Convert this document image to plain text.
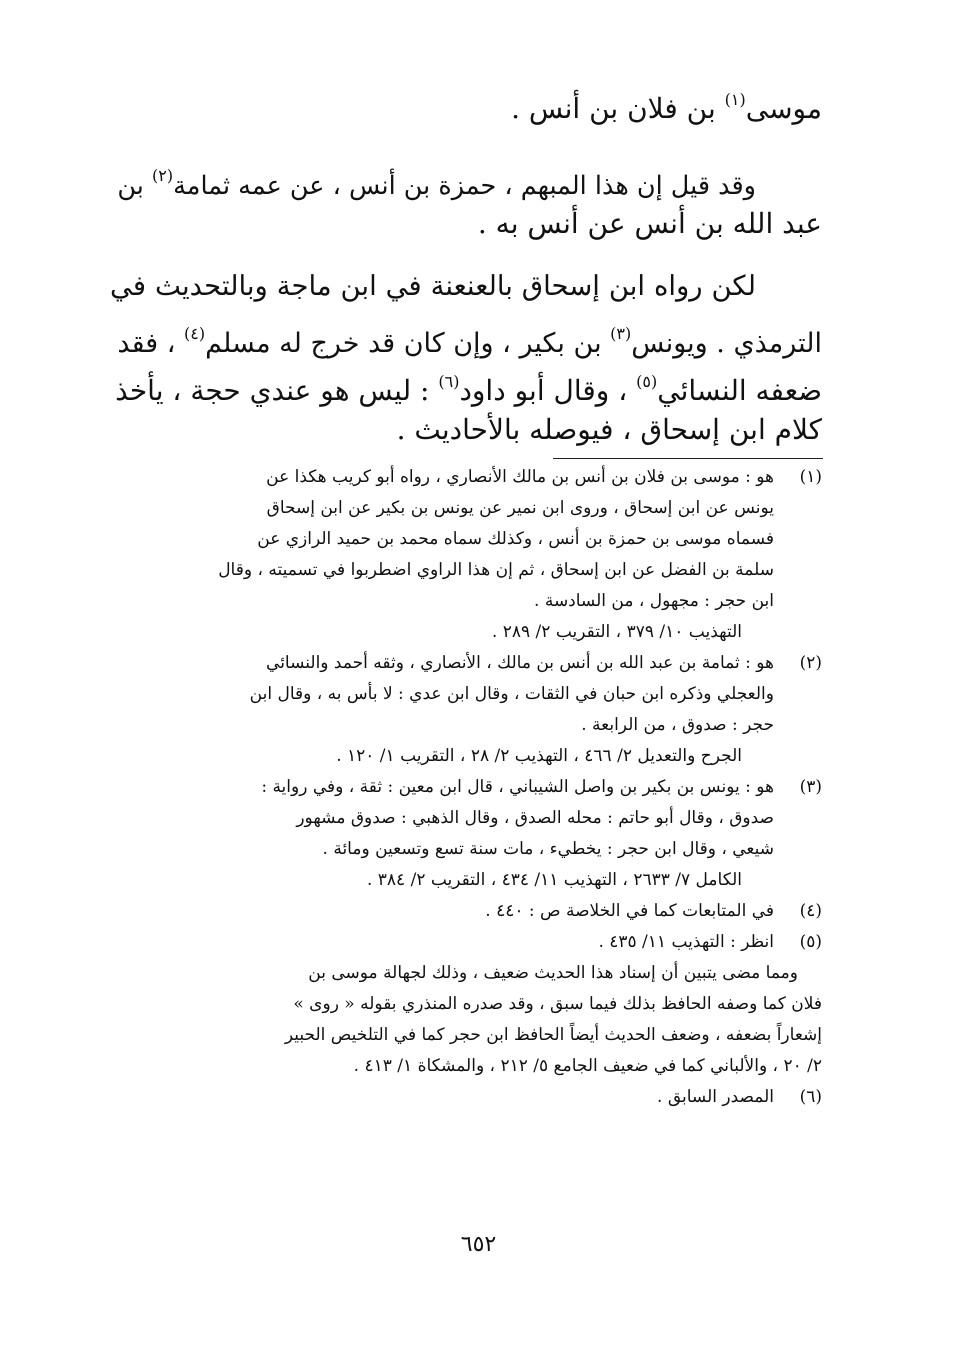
موسى$^{(١)}$ بن فلان بن أنس .
وقد قيل إن هذا المبهم ، حمزة بن أنس ، عن عمه ثمامة$^{(٢)}$ بن
عبد الله بن أنس عن أنس به .
لكن رواه ابن إسحاق بالعنعنة في ابن ماجة وبالتحديث في
الترمذي . ويونس$^{(٣)}$ بن بكير ، وإن كان قد خرج له مسلم$^{(٤)}$ ، فقد
ضعفه النسائي$^{(٥)}$ ، وقال أبو داود$^{(٦)}$ : ليس هو عندي حجة ، يأخذ
كلام ابن إسحاق ، فيوصله بالأحاديث .
(١)هو : موسى بن فلان بن أنس بن مالك الأنصاري ، رواه أبو كريب هكذا عن
يونس عن ابن إسحاق ، وروى ابن نمير عن يونس بن بكير عن ابن إسحاق
فسماه موسى بن حمزة بن أنس ، وكذلك سماه محمد بن حميد الرازي عن
سلمة بن الفضل عن ابن إسحاق ، ثم إن هذا الراوي اضطربوا في تسميته ، وقال
ابن حجر : مجهول ، من السادسة .
التهذيب ١٠/ ٣٧٩ ، التقريب ٢/ ٢٨٩ .
(٢)هو : ثمامة بن عبد الله بن أنس بن مالك ، الأنصاري ، وثقه أحمد والنسائي
والعجلي وذكره ابن حبان في الثقات ، وقال ابن عدي : لا بأس به ، وقال ابن
حجر : صدوق ، من الرابعة .
الجرح والتعديل ٢/ ٤٦٦ ، التهذيب ٢/ ٢٨ ، التقريب ١/ ١٢٠ .
(٣)هو : يونس بن بكير بن واصل الشيباني ، قال ابن معين : ثقة ، وفي رواية :
صدوق ، وقال أبو حاتم : محله الصدق ، وقال الذهبي : صدوق مشهور
شيعي ، وقال ابن حجر : يخطيء ، مات سنة تسع وتسعين ومائة .
الكامل ٧/ ٢٦٣٣ ، التهذيب ١١/ ٤٣٤ ، التقريب ٢/ ٣٨٤ .
(٤)في المتابعات كما في الخلاصة ص : ٤٤٠ .
(٥)انظر : التهذيب ١١/ ٤٣٥ .
ومما مضى يتبين أن إسناد هذا الحديث ضعيف ، وذلك لجهالة موسى بن
فلان كما وصفه الحافظ بذلك فيما سبق ، وقد صدره المنذري بقوله « روى »
إشعاراً بضعفه ، وضعف الحديث أيضاً الحافظ ابن حجر كما في التلخيص الحبير
٢/ ٢٠ ، والألباني كما في ضعيف الجامع ٥/ ٢١٢ ، والمشكاة ١/ ٤١٣ .
(٦)المصدر السابق .
٦٥٢
